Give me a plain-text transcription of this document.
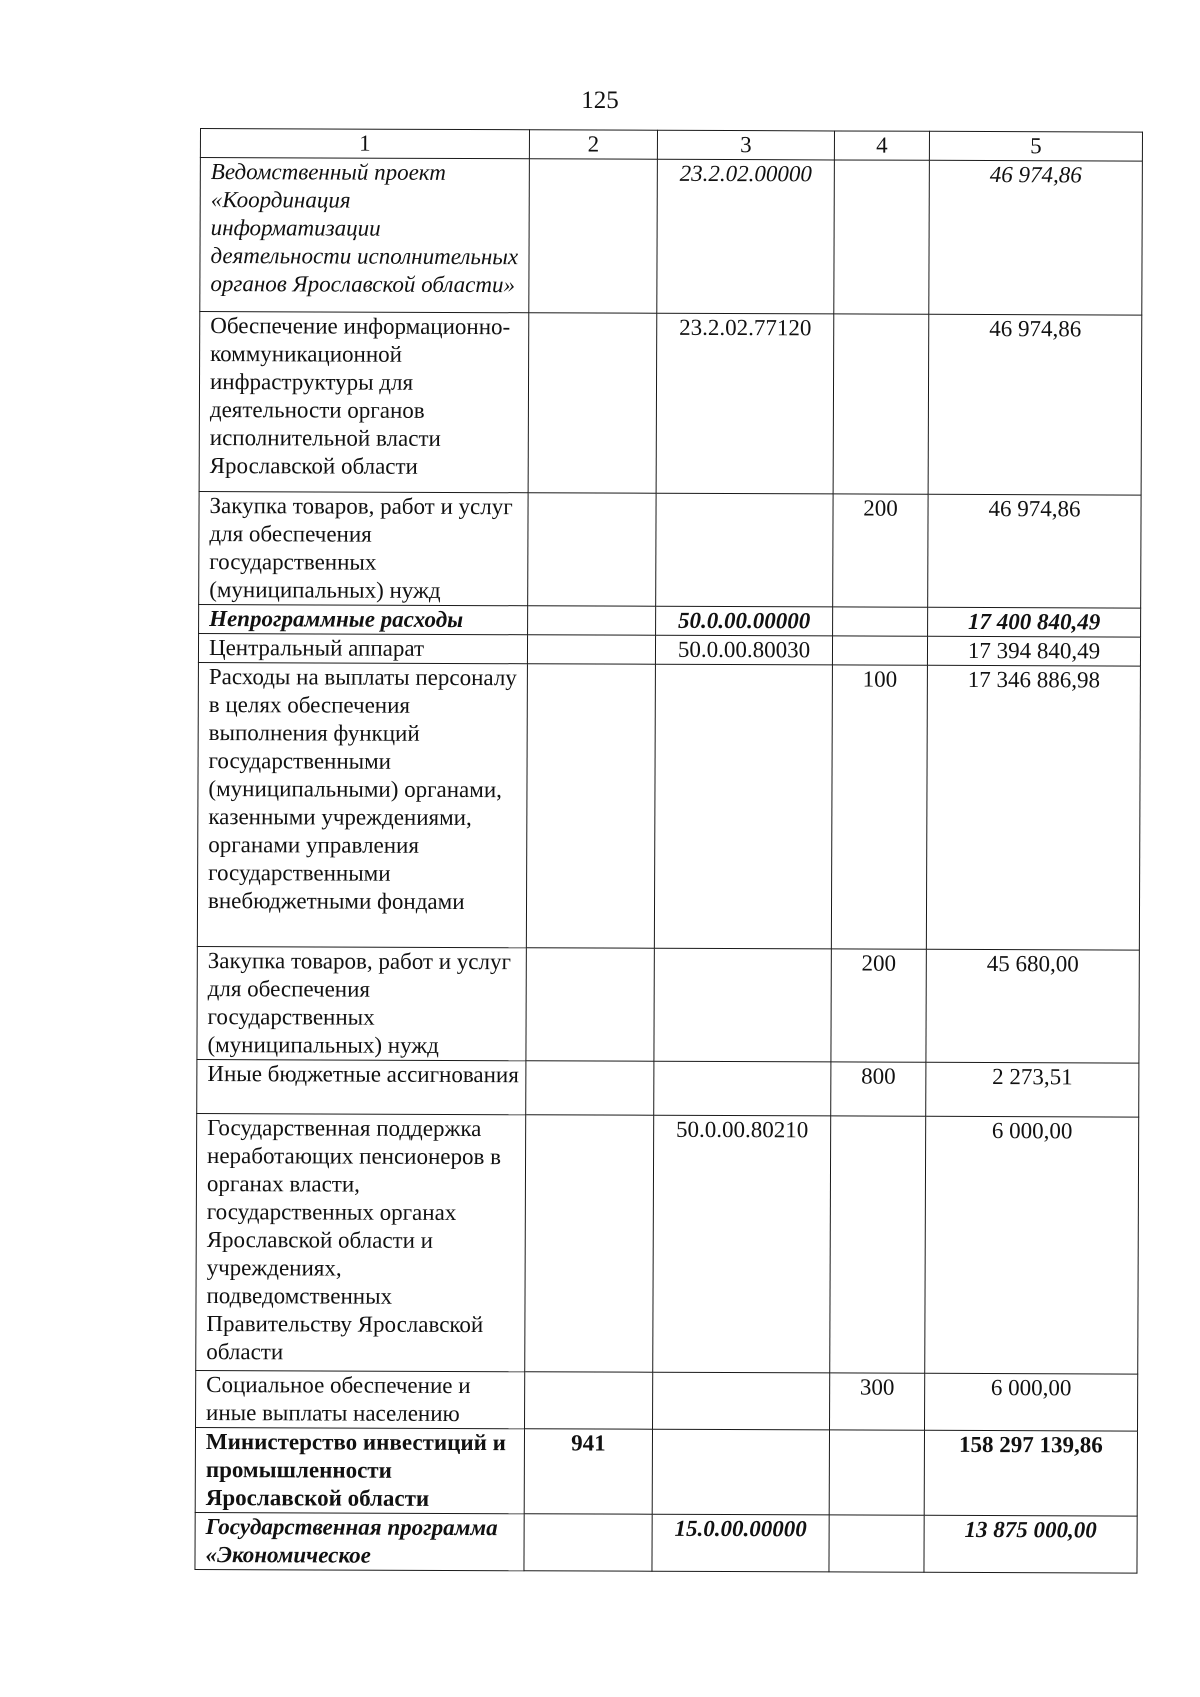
125
1	2	3	4	5
Ведомственный проект «Координация информатизации деятельности исполнительных органов Ярославской области»		23.2.02.00000		46 974,86
Обеспечение информационно-коммуникационной инфраструктуры для деятельности органов исполнительной власти Ярославской области		23.2.02.77120		46 974,86
Закупка товаров, работ и услуг для обеспечения государственных (муниципальных) нужд			200	46 974,86
Непрограммные расходы		50.0.00.00000		17 400 840,49
Центральный аппарат		50.0.00.80030		17 394 840,49
Расходы на выплаты персоналу в целях обеспечения выполнения функций государственными (муниципальными) органами, казенными учреждениями, органами управления государственными внебюджетными фондами			100	17 346 886,98
Закупка товаров, работ и услуг для обеспечения государственных (муниципальных) нужд			200	45 680,00
Иные бюджетные ассигнования			800	2 273,51
Государственная поддержка неработающих пенсионеров в органах власти, государственных органах Ярославской области и учреждениях, подведомственных Правительству Ярославской области		50.0.00.80210		6 000,00
Социальное обеспечение и иные выплаты населению			300	6 000,00
Министерство инвестиций и промышленности Ярославской области	941			158 297 139,86
Государственная программа «Экономическое		15.0.00.00000		13 875 000,00
